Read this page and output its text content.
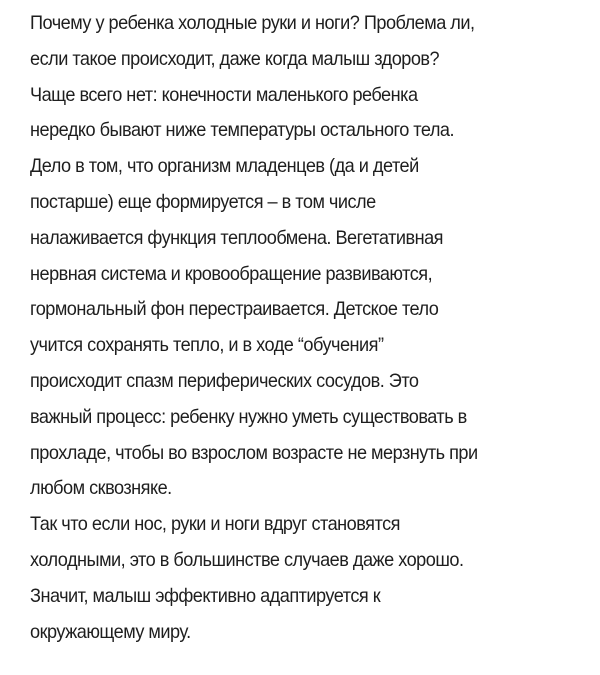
Почему у ребенка холодные руки и ноги? Проблема ли,
если такое происходит, даже когда малыш здоров?
Чаще всего нет: конечности маленького ребенка
нередко бывают ниже температуры остального тела.
Дело в том, что организм младенцев (да и детей
постарше) еще формируется – в том числе
налаживается функция теплообмена. Вегетативная
нервная система и кровообращение развиваются,
гормональный фон перестраивается. Детское тело
учится сохранять тепло, и в ходе “обучения”
происходит спазм периферических сосудов. Это
важный процесс: ребенку нужно уметь существовать в
прохладе, чтобы во взрослом возрасте не мерзнуть при
любом сквозняке.
Так что если нос, руки и ноги вдруг становятся
холодными, это в большинстве случаев даже хорошо.
Значит, малыш эффективно адаптируется к
окружающему миру.
